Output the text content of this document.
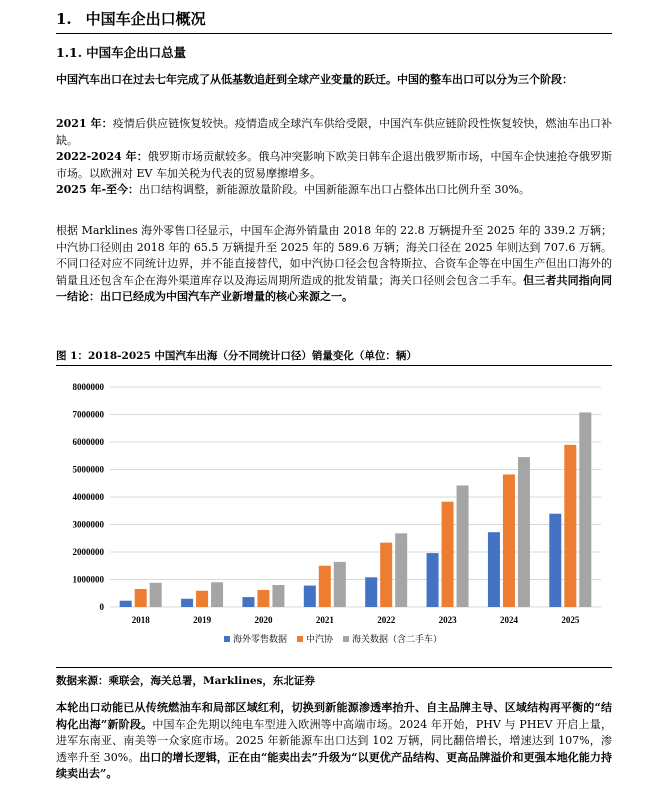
1. 中国车企出口概况
1.1. 中国车企出口总量
中国汽车出口在过去七年完成了从低基数追赶到全球产业变量的跃迁。中国的整车出口可以分为三个阶段：
2021 年：疫情后供应链恢复较快。疫情造成全球汽车供给受限，中国汽车供应链阶段性恢复较快，燃油车出口补缺。
2022-2024 年：俄罗斯市场贡献较多。俄乌冲突影响下欧美日韩车企退出俄罗斯市场，中国车企快速抢夺俄罗斯市场。以欧洲对 EV 车加关税为代表的贸易摩擦增多。
2025 年-至今：出口结构调整，新能源放量阶段。中国新能源车出口占整体出口比例升至 30%。
根据 Marklines 海外零售口径显示，中国车企海外销量由 2018 年的 22.8 万辆提升至 2025 年的 339.2 万辆；中汽协口径则由 2018 年的 65.5 万辆提升至 2025 年的 589.6 万辆；海关口径在 2025 年则达到 707.6 万辆。不同口径对应不同统计边界，并不能直接替代，如中汽协口径会包含特斯拉、合资车企等在中国生产但出口海外的销量且还包含车企在海外渠道库存以及海运周期所造成的批发销量；海关口径则会包含二手车。但三者共同指向同一结论：出口已经成为中国汽车产业新增量的核心来源之一。
图 1：2018-2025 中国汽车出海（分不同统计口径）销量变化（单位：辆）
0
1000000
2000000
3000000
4000000
5000000
6000000
7000000
8000000
2018	2019	2020	2021	2022	2023	2024	2025
海外零售数据 中汽协 海关数据（含二手车）
数据来源：乘联会，海关总署，Marklines，东北证券
本轮出口动能已从传统燃油车和局部区域红利，切换到新能源渗透率抬升、自主品牌主导、区域结构再平衡的“结构化出海”新阶段。中国车企先期以纯电车型进入欧洲等中高端市场。2024 年开始，PHV 与 PHEV 开启上量，进军东南亚、南美等一众家庭市场。2025 年新能源车出口达到 102 万辆，同比翻倍增长，增速达到 107%，渗透率升至 30%。出口的增长逻辑，正在由“能卖出去”升级为“以更优产品结构、更高品牌溢价和更强本地化能力持续卖出去”。
